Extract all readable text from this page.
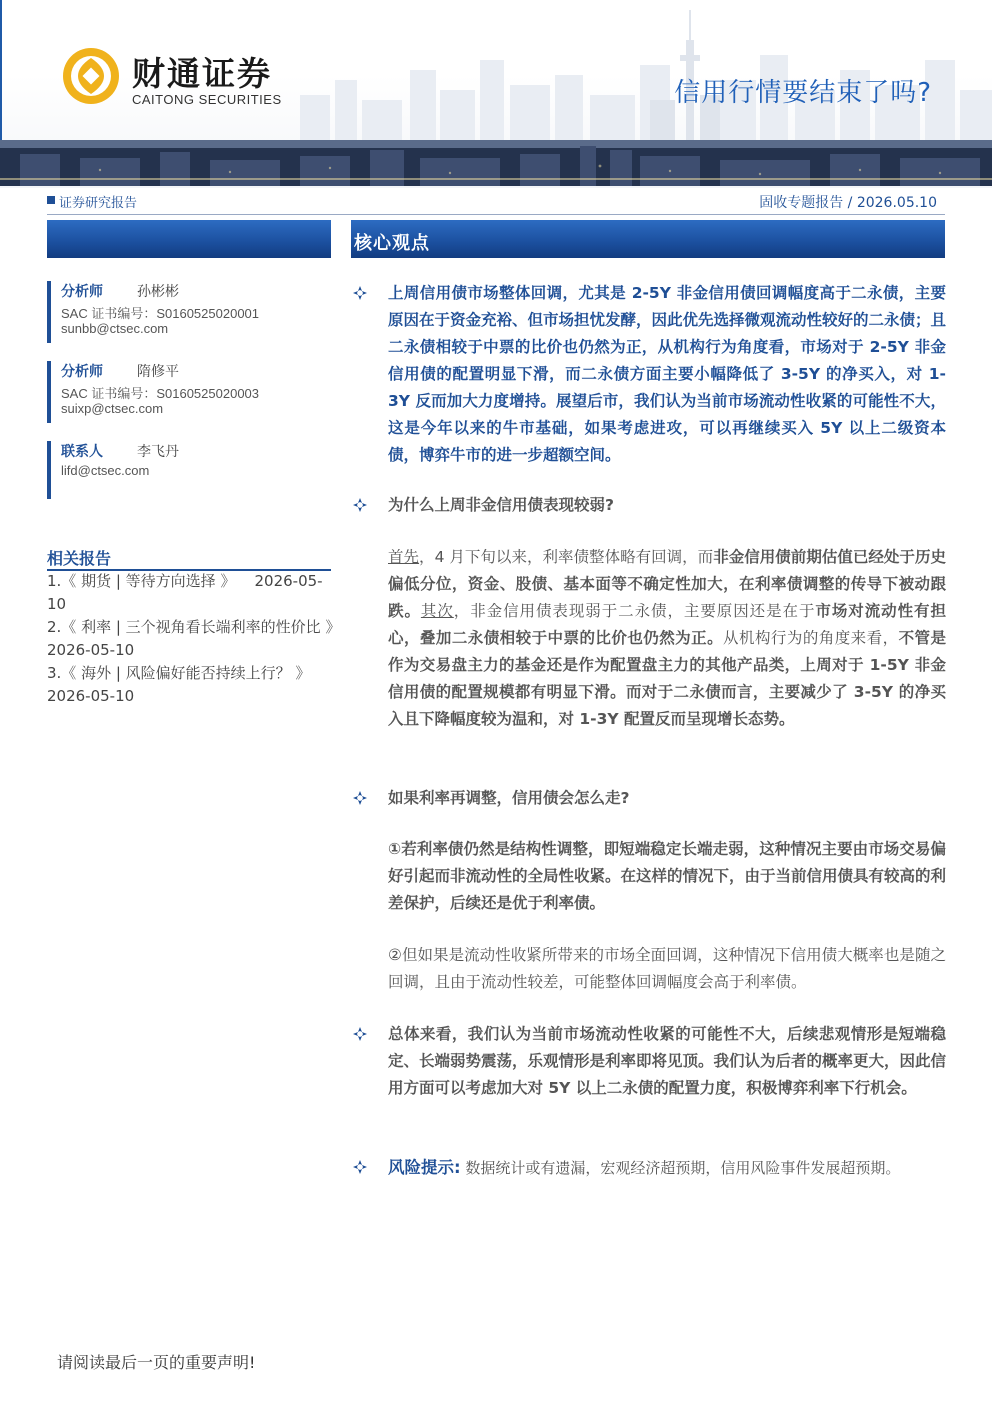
财通证券
CAITONG SECURITIES	信用行情要结束了吗?
证券研究报告	固收专题报告 / 2026.05.10
分析师 孙彬彬
SAC 证书编号：S0160525020001
sunbb@ctsec.com
分析师 隋修平
SAC 证书编号：S0160525020003
suixp@ctsec.com
联系人 李飞丹
lifd@ctsec.com
相关报告
1.《 期货 | 等待方向选择 》    2026-05-
10
2.《 利率 | 三个视角看长端利率的性价比 》
2026-05-10
3.《 海外 | 风险偏好能否持续上行？ 》
2026-05-10
核心观点
上周信用债市场整体回调，尤其是 2-5Y 非金信用债回调幅度高于二永债，主要原因在于资金充裕、但市场担忧发酵，因此优先选择微观流动性较好的二永债；且二永债相较于中票的比价也仍然为正，从机构行为角度看，市场对于 2-5Y 非金信用债的配置明显下滑，而二永债方面主要小幅降低了 3-5Y 的净买入，对 1-3Y 反而加大力度增持。展望后市，我们认为当前市场流动性收紧的可能性不大，这是今年以来的牛市基础，如果考虑进攻，可以再继续买入 5Y 以上二级资本债，博弈牛市的进一步超额空间。
为什么上周非金信用债表现较弱?
首先，4 月下旬以来，利率债整体略有回调，而非金信用债前期估值已经处于历史偏低分位，资金、股债、基本面等不确定性加大，在利率债调整的传导下被动跟跌。其次，非金信用债表现弱于二永债，主要原因还是在于市场对流动性有担心，叠加二永债相较于中票的比价也仍然为正。从机构行为的角度来看，不管是作为交易盘主力的基金还是作为配置盘主力的其他产品类，上周对于 1-5Y 非金信用债的配置规模都有明显下滑。而对于二永债而言，主要减少了 3-5Y 的净买入且下降幅度较为温和，对 1-3Y 配置反而呈现增长态势。
如果利率再调整，信用债会怎么走?
①若利率债仍然是结构性调整，即短端稳定长端走弱，这种情况主要由市场交易偏好引起而非流动性的全局性收紧。在这样的情况下，由于当前信用债具有较高的利差保护，后续还是优于利率债。
②但如果是流动性收紧所带来的市场全面回调，这种情况下信用债大概率也是随之回调，且由于流动性较差，可能整体回调幅度会高于利率债。
总体来看，我们认为当前市场流动性收紧的可能性不大，后续悲观情形是短端稳定、长端弱势震荡，乐观情形是利率即将见顶。我们认为后者的概率更大，因此信用方面可以考虑加大对 5Y 以上二永债的配置力度，积极博弈利率下行机会。
风险提示: 数据统计或有遗漏，宏观经济超预期，信用风险事件发展超预期。
请阅读最后一页的重要声明!
